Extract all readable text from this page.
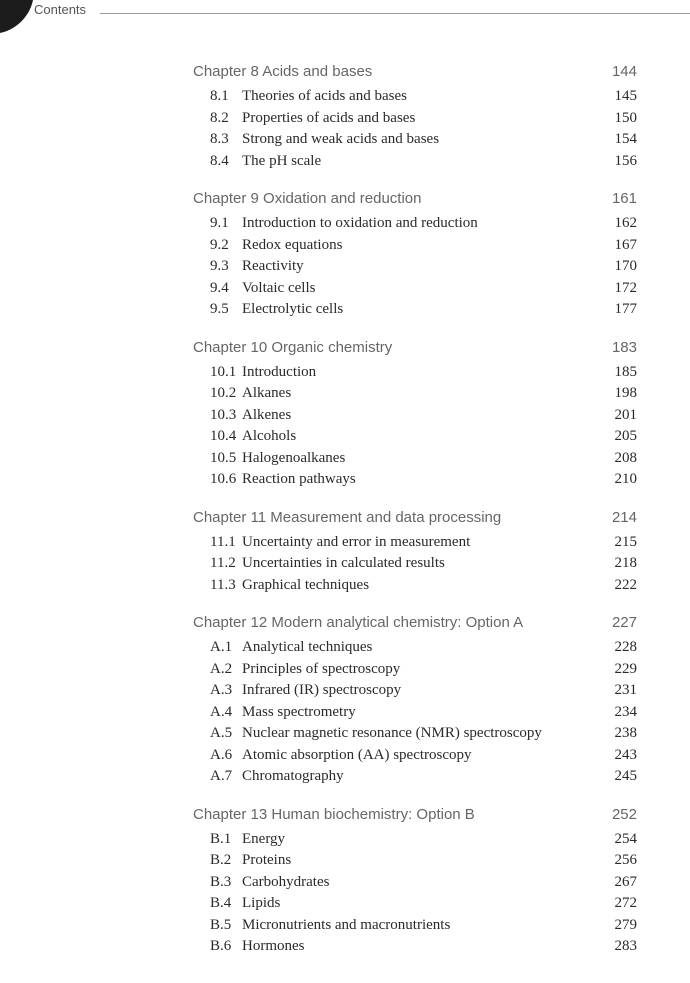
Contents
Chapter 8 Acids and bases	144
8.1 Theories of acids and bases	145
8.2 Properties of acids and bases	150
8.3 Strong and weak acids and bases	154
8.4 The pH scale	156
Chapter 9 Oxidation and reduction	161
9.1 Introduction to oxidation and reduction	162
9.2 Redox equations	167
9.3 Reactivity	170
9.4 Voltaic cells	172
9.5 Electrolytic cells	177
Chapter 10 Organic chemistry	183
10.1 Introduction	185
10.2 Alkanes	198
10.3 Alkenes	201
10.4 Alcohols	205
10.5 Halogenoalkanes	208
10.6 Reaction pathways	210
Chapter 11 Measurement and data processing	214
11.1 Uncertainty and error in measurement	215
11.2 Uncertainties in calculated results	218
11.3 Graphical techniques	222
Chapter 12 Modern analytical chemistry: Option A	227
A.1 Analytical techniques	228
A.2 Principles of spectroscopy	229
A.3 Infrared (IR) spectroscopy	231
A.4 Mass spectrometry	234
A.5 Nuclear magnetic resonance (NMR) spectroscopy	238
A.6 Atomic absorption (AA) spectroscopy	243
A.7 Chromatography	245
Chapter 13 Human biochemistry: Option B	252
B.1 Energy	254
B.2 Proteins	256
B.3 Carbohydrates	267
B.4 Lipids	272
B.5 Micronutrients and macronutrients	279
B.6 Hormones	283
